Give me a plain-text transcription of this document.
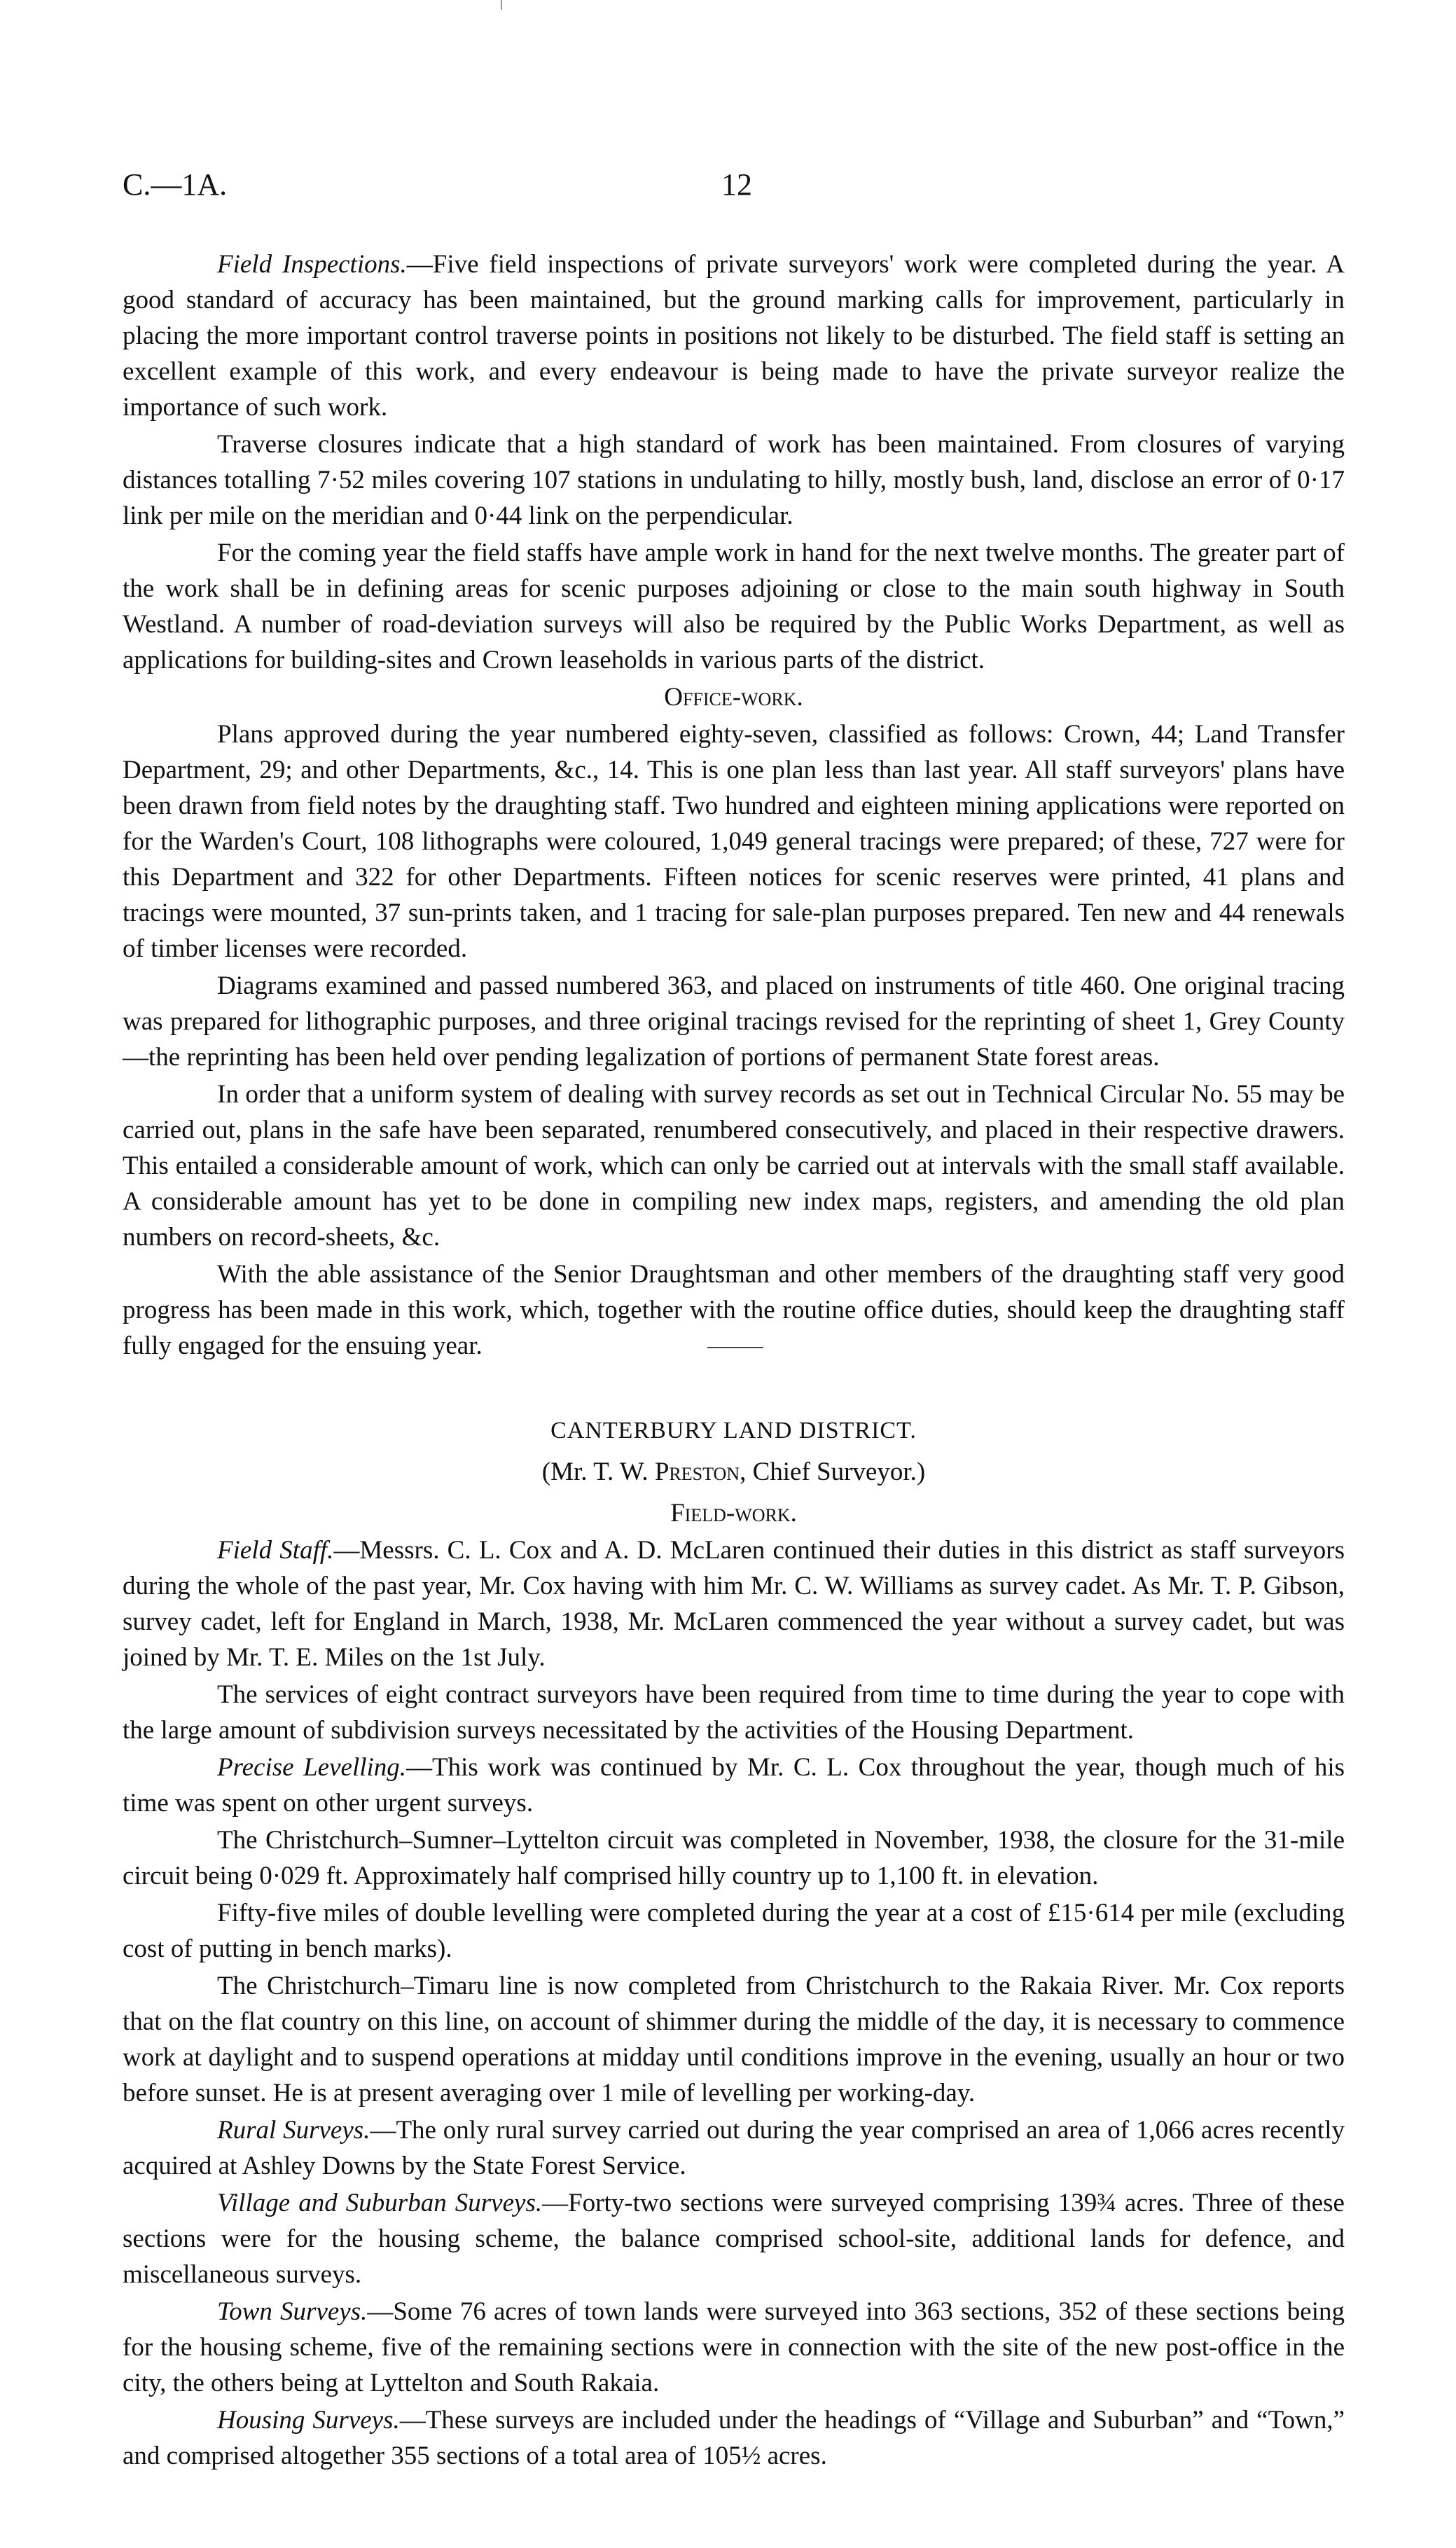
C.—1A.	12

Field Inspections.—Five field inspections of private surveyors' work were completed during the year. A good standard of accuracy has been maintained, but the ground marking calls for improvement, particularly in placing the more important control traverse points in positions not likely to be disturbed. The field staff is setting an excellent example of this work, and every endeavour is being made to have the private surveyor realize the importance of such work.

Traverse closures indicate that a high standard of work has been maintained. From closures of varying distances totalling 7·52 miles covering 107 stations in undulating to hilly, mostly bush, land, disclose an error of 0·17 link per mile on the meridian and 0·44 link on the perpendicular.

For the coming year the field staffs have ample work in hand for the next twelve months. The greater part of the work shall be in defining areas for scenic purposes adjoining or close to the main south highway in South Westland. A number of road-deviation surveys will also be required by the Public Works Department, as well as applications for building-sites and Crown leaseholds in various parts of the district.

Office-work.

Plans approved during the year numbered eighty-seven, classified as follows: Crown, 44; Land Transfer Department, 29; and other Departments, &c., 14. This is one plan less than last year. All staff surveyors' plans have been drawn from field notes by the draughting staff. Two hundred and eighteen mining applications were reported on for the Warden's Court, 108 lithographs were coloured, 1,049 general tracings were prepared; of these, 727 were for this Department and 322 for other Departments. Fifteen notices for scenic reserves were printed, 41 plans and tracings were mounted, 37 sun-prints taken, and 1 tracing for sale-plan purposes prepared. Ten new and 44 renewals of timber licenses were recorded.

Diagrams examined and passed numbered 363, and placed on instruments of title 460. One original tracing was prepared for lithographic purposes, and three original tracings revised for the reprinting of sheet 1, Grey County—the reprinting has been held over pending legalization of portions of permanent State forest areas.

In order that a uniform system of dealing with survey records as set out in Technical Circular No. 55 may be carried out, plans in the safe have been separated, renumbered consecutively, and placed in their respective drawers. This entailed a considerable amount of work, which can only be carried out at intervals with the small staff available. A considerable amount has yet to be done in compiling new index maps, registers, and amending the old plan numbers on record-sheets, &c.

With the able assistance of the Senior Draughtsman and other members of the draughting staff very good progress has been made in this work, which, together with the routine office duties, should keep the draughting staff fully engaged for the ensuing year.

CANTERBURY LAND DISTRICT.
(Mr. T. W. Preston, Chief Surveyor.)
Field-work.

Field Staff.—Messrs. C. L. Cox and A. D. McLaren continued their duties in this district as staff surveyors during the whole of the past year, Mr. Cox having with him Mr. C. W. Williams as survey cadet. As Mr. T. P. Gibson, survey cadet, left for England in March, 1938, Mr. McLaren commenced the year without a survey cadet, but was joined by Mr. T. E. Miles on the 1st July.

The services of eight contract surveyors have been required from time to time during the year to cope with the large amount of subdivision surveys necessitated by the activities of the Housing Department.

Precise Levelling.—This work was continued by Mr. C. L. Cox throughout the year, though much of his time was spent on other urgent surveys.

The Christchurch–Sumner–Lyttelton circuit was completed in November, 1938, the closure for the 31-mile circuit being 0·029 ft. Approximately half comprised hilly country up to 1,100 ft. in elevation.

Fifty-five miles of double levelling were completed during the year at a cost of £15·614 per mile (excluding cost of putting in bench marks).

The Christchurch–Timaru line is now completed from Christchurch to the Rakaia River. Mr. Cox reports that on the flat country on this line, on account of shimmer during the middle of the day, it is necessary to commence work at daylight and to suspend operations at midday until conditions improve in the evening, usually an hour or two before sunset. He is at present averaging over 1 mile of levelling per working-day.

Rural Surveys.—The only rural survey carried out during the year comprised an area of 1,066 acres recently acquired at Ashley Downs by the State Forest Service.

Village and Suburban Surveys.—Forty-two sections were surveyed comprising 139¾ acres. Three of these sections were for the housing scheme, the balance comprised school-site, additional lands for defence, and miscellaneous surveys.

Town Surveys.—Some 76 acres of town lands were surveyed into 363 sections, 352 of these sections being for the housing scheme, five of the remaining sections were in connection with the site of the new post-office in the city, the others being at Lyttelton and South Rakaia.

Housing Surveys.—These surveys are included under the headings of “Village and Suburban” and “Town,” and comprised altogether 355 sections of a total area of 105½ acres.
